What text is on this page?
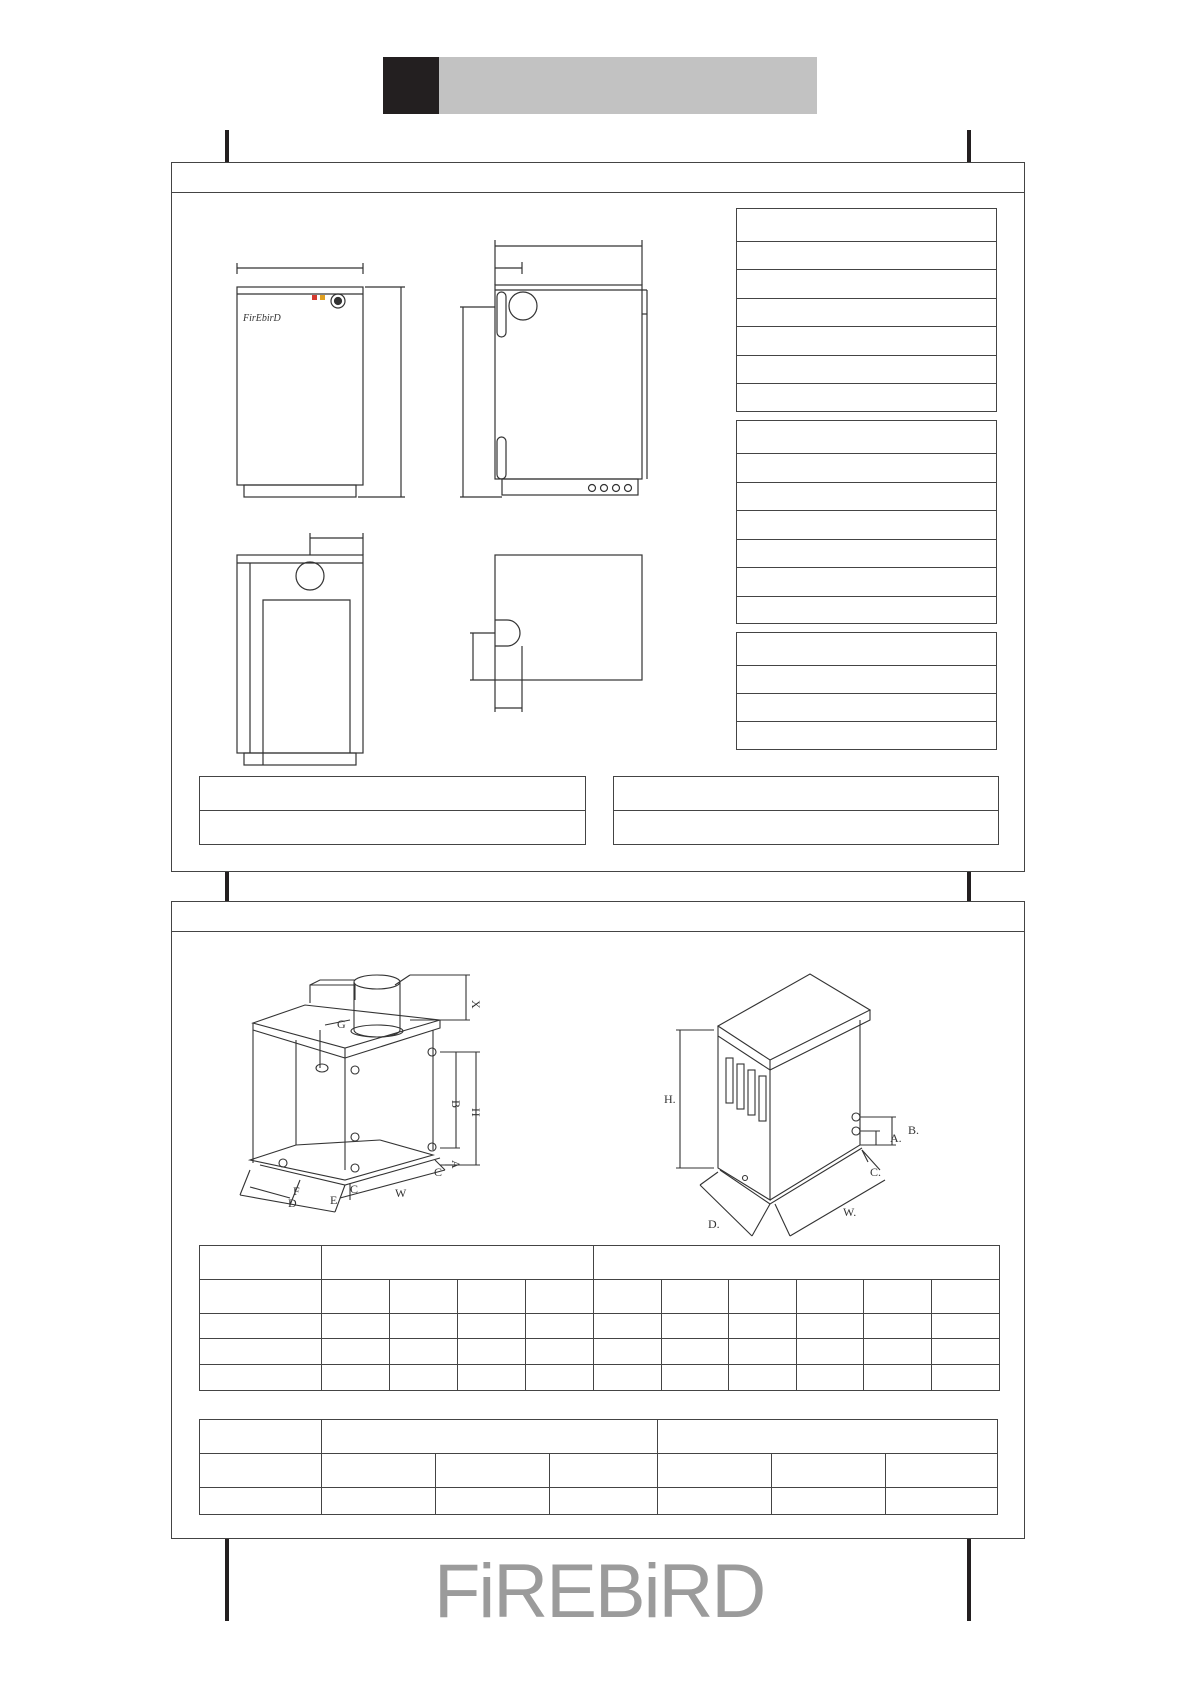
FirEbirD
G
X
B
H
A
C
C
E
F
D
W
H.
B.
A.
C.
D.
W.

FiREBiRD
